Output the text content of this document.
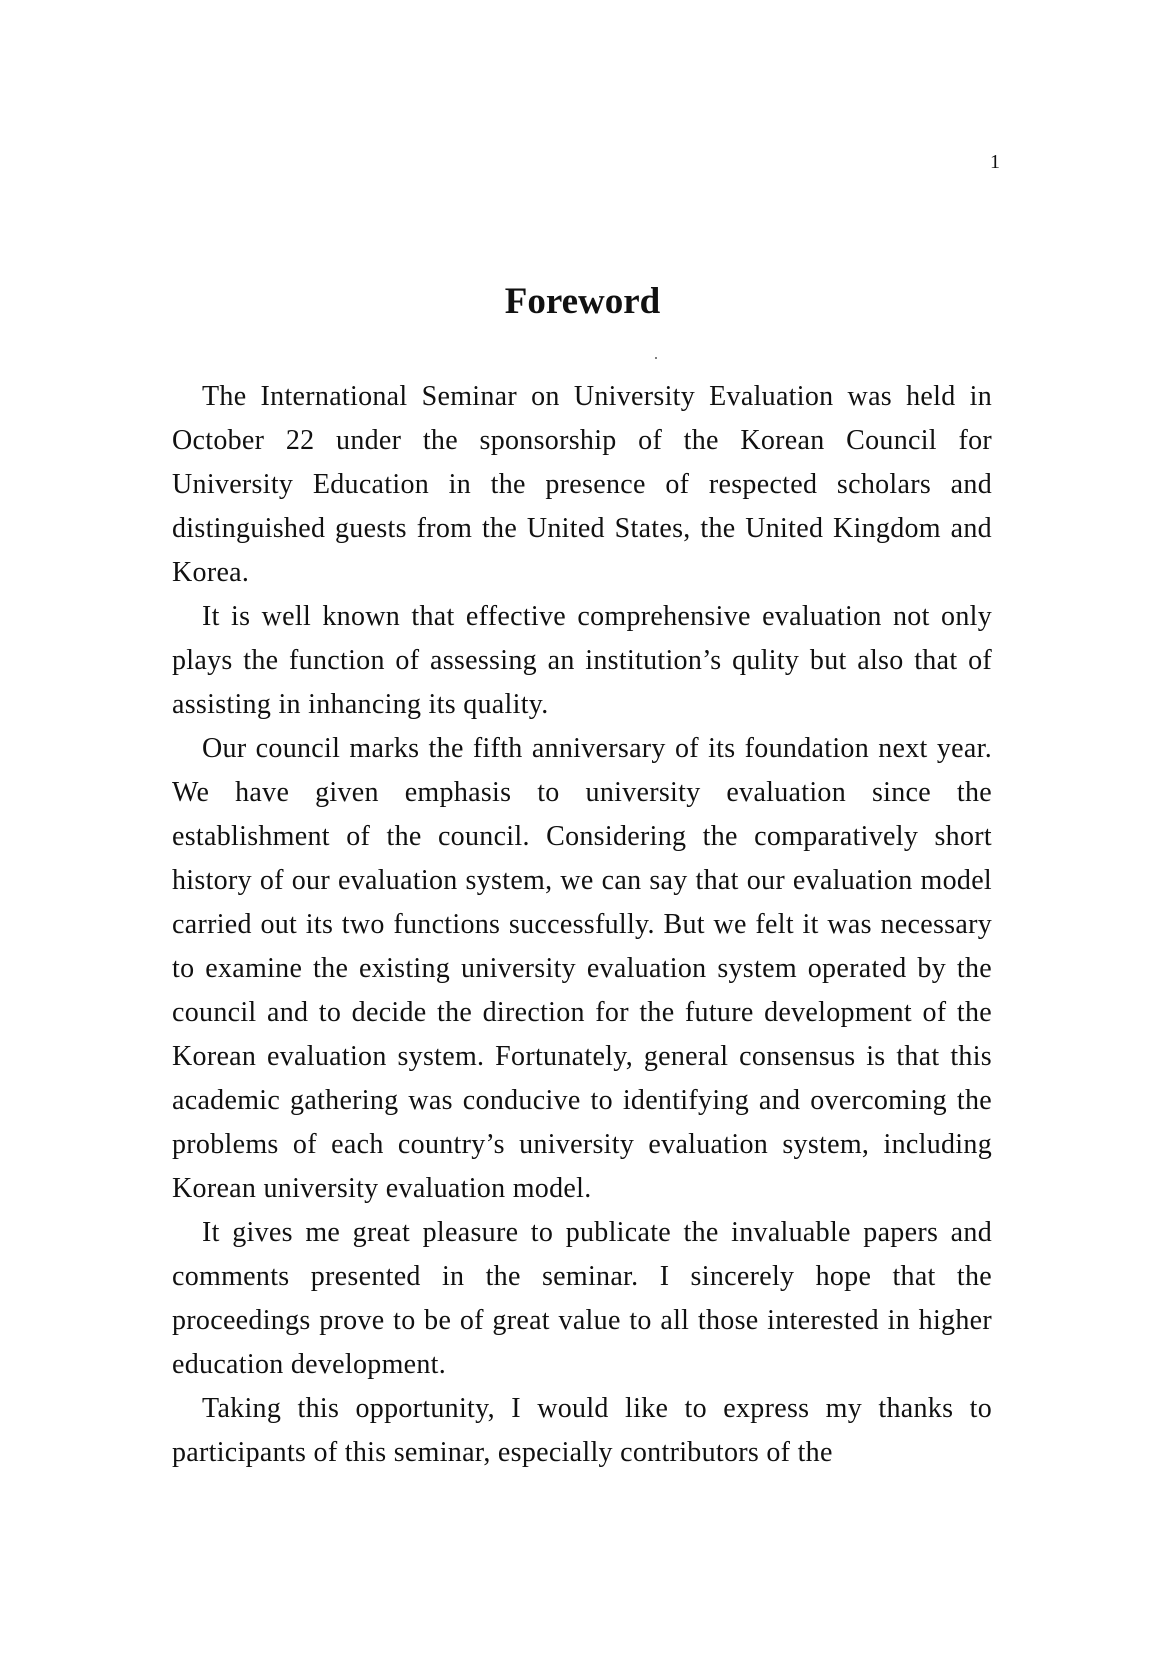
1
Foreword

The International Seminar on University Evaluation was held in October 22 under the sponsorship of the Korean Council for University Education in the presence of respected scholars and distinguished guests from the United States, the United Kingdom and Korea.

It is well known that effective comprehensive evaluation not only plays the function of assessing an institution’s qulity but also that of assisting in inhancing its quality.

Our council marks the fifth anniversary of its foundation next year. We have given emphasis to university evaluation since the establishment of the council. Considering the comparatively short history of our evaluation system, we can say that our evaluation model carried out its two functions successfully. But we felt it was necessary to examine the existing university evaluation system operated by the council and to decide the direction for the future development of the Korean evaluation system. Fortunately, general consensus is that this academic gathering was conducive to identifying and overcoming the problems of each country’s university evaluation system, including Korean university evaluation model.

It gives me great pleasure to publicate the invaluable papers and comments presented in the seminar. I sincerely hope that the proceedings prove to be of great value to all those interested in higher education development.

Taking this opportunity, I would like to express my thanks to participants of this seminar, especially contributors of the
